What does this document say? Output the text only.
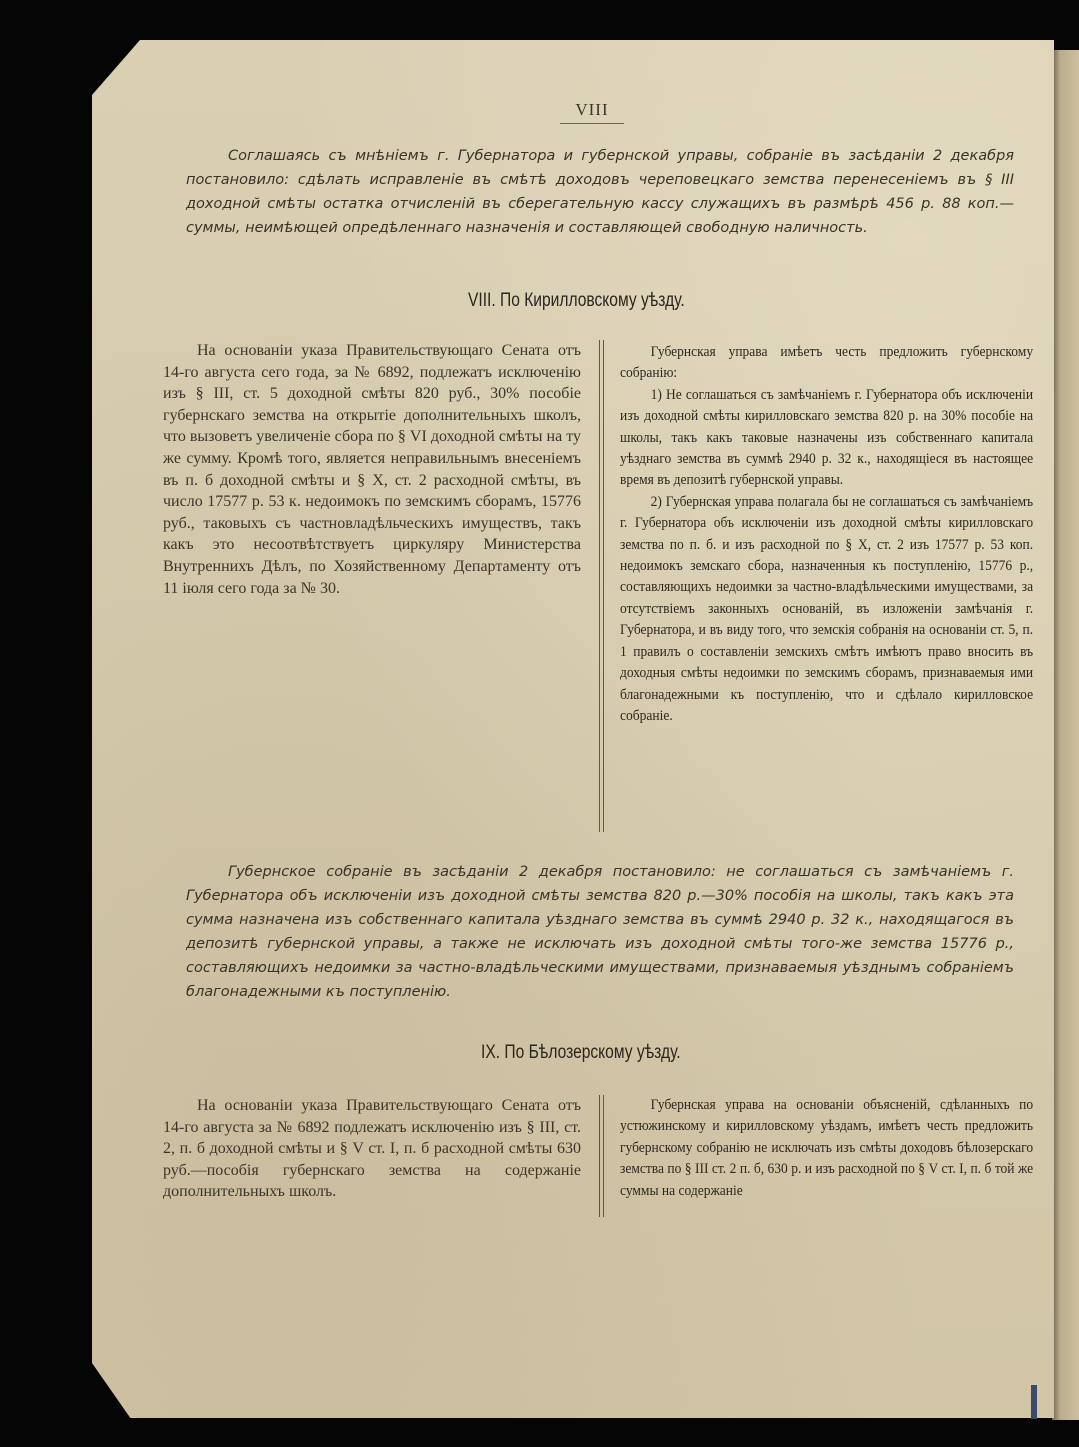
VIII
Соглашаясь съ мнѣніемъ г. Губернатора и губернской управы, собраніе въ засѣданіи 2 декабря постановило: сдѣлать исправленіе въ смѣтѣ доходовъ череповецкаго земства перенесеніемъ въ § III доходной смѣты остатка отчисленій въ сберегательную кассу служащихъ въ размѣрѣ 456 р. 88 коп.—суммы, неимѣющей опредѣленнаго назначенія и составляющей свободную наличность.
VIII. По Кирилловскому уѣзду.

На основаніи указа Правительствующаго Сената отъ 14-го августа сего года, за № 6892, подлежатъ исключенію изъ § III, ст. 5 доходной смѣты 820 руб., 30% пособіе губернскаго земства на открытіе дополнительныхъ школъ, что вызоветъ увеличеніе сбора по § VI доходной смѣты на ту же сумму. Кромѣ того, является неправильнымъ внесеніемъ въ п. б доходной смѣты и § X, ст. 2 расходной смѣты, въ число 17577 р. 53 к. недоимокъ по земскимъ сборамъ, 15776 руб., таковыхъ съ частновладѣльческихъ имуществъ, такъ какъ это несоотвѣтствуетъ циркуляру Министерства Внутреннихъ Дѣлъ, по Хозяйственному Департаменту отъ 11 іюля сего года за № 30.

Губернская управа имѣетъ честь предложить губернскому собранію:

1) Не соглашаться съ замѣчаніемъ г. Губернатора объ исключеніи изъ доходной смѣты кирилловскаго земства 820 р. на 30% пособіе на школы, такъ какъ таковые назначены изъ собственнаго капитала уѣзднаго земства въ суммѣ 2940 р. 32 к., находящіеся въ настоящее время въ депозитѣ губернской управы.

2) Губернская управа полагала бы не соглашаться съ замѣчаніемъ г. Губернатора объ исключеніи изъ доходной смѣты кирилловскаго земства по п. б. и изъ расходной по § X, ст. 2 изъ 17577 р. 53 коп. недоимокъ земскаго сбора, назначенныя къ поступленію, 15776 р., составляющихъ недоимки за частно-владѣльческими имуществами, за отсутствіемъ законныхъ основаній, въ изложеніи замѣчанія г. Губернатора, и въ виду того, что земскія собранія на основаніи ст. 5, п. 1 правилъ о составленіи земскихъ смѣтъ имѣютъ право вносить въ доходныя смѣты недоимки по земскимъ сборамъ, признаваемыя ими благонадежными къ поступленію, что и сдѣлало кирилловское собраніе.

Губернское собраніе въ засѣданіи 2 декабря постановило: не соглашаться съ замѣчаніемъ г. Губернатора объ исключеніи изъ доходной смѣты земства 820 р.—30% пособія на школы, такъ какъ эта сумма назначена изъ собственнаго капитала уѣзднаго земства въ суммѣ 2940 р. 32 к., находящагося въ депозитѣ губернской управы, а также не исключать изъ доходной смѣты того-же земства 15776 р., составляющихъ недоимки за частно-владѣльческими имуществами, признаваемыя уѣзднымъ собраніемъ благонадежными къ поступленію.
IX. По Бѣлозерскому уѣзду.

На основаніи указа Правительствующаго Сената отъ 14-го августа за № 6892 подлежатъ исключенію изъ § III, ст. 2, п. б доходной смѣты и § V ст. I, п. б расходной смѣты 630 руб.—пособія губернскаго земства на содержаніе дополнительныхъ школъ.

Губернская управа на основаніи объясненій, сдѣланныхъ по устюжинскому и кирилловскому уѣздамъ, имѣетъ честь предложить губернскому собранію не исключать изъ смѣты доходовъ бѣлозерскаго земства по § III ст. 2 п. б, 630 р. и изъ расходной по § V ст. I, п. б той же суммы на содержаніе
